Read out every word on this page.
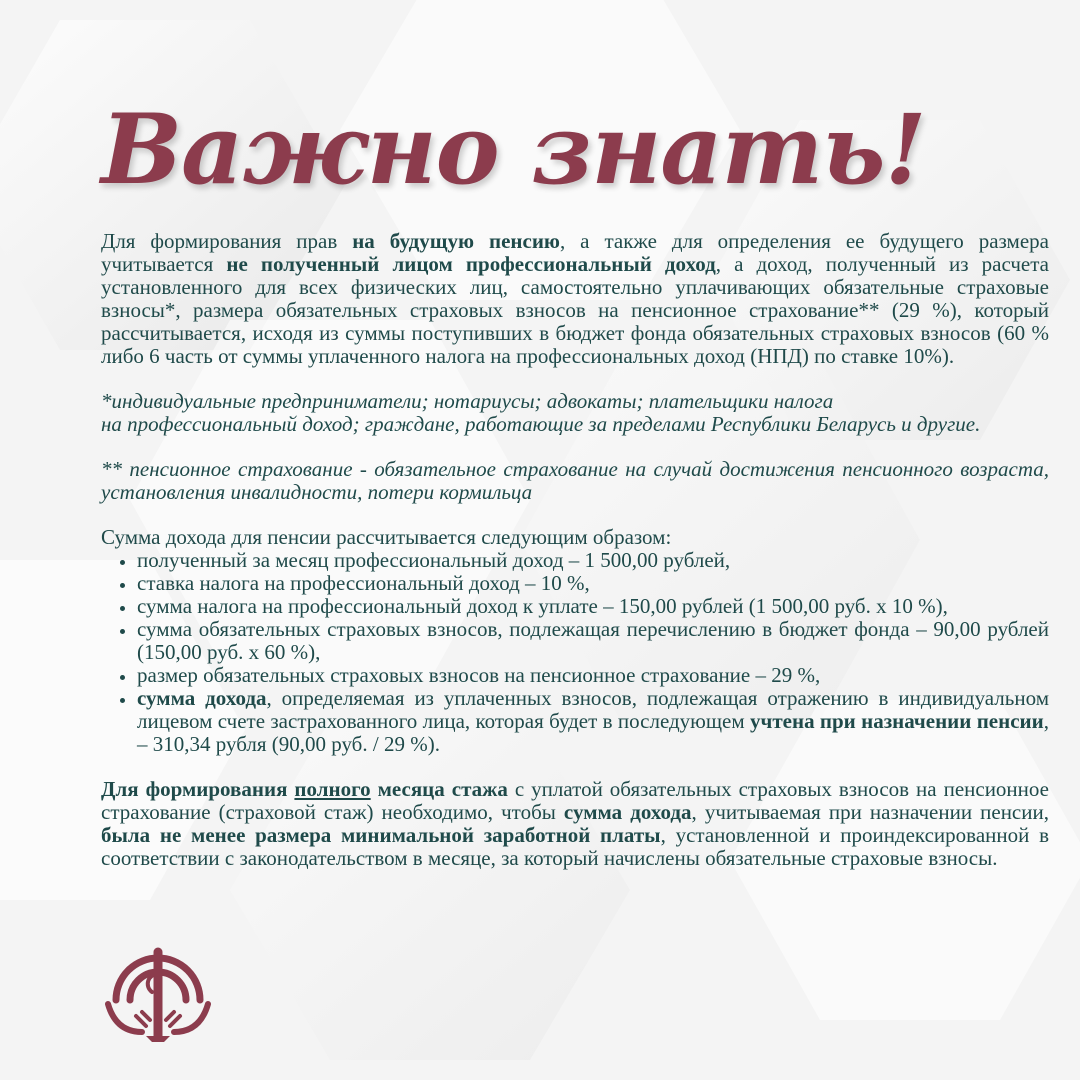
Важно знать!

Для формирования прав на будущую пенсию, а также для определения ее будущего размера учитывается не полученный лицом профессиональный доход, а доход, полученный из расчета установленного для всех физических лиц, самостоятельно уплачивающих обязательные страховые взносы*, размера обязательных страховых взносов на пенсионное страхование** (29 %), который рассчитывается, исходя из суммы поступивших в бюджет фонда обязательных страховых взносов (60 % либо 6 часть от суммы уплаченного налога на профессиональных доход (НПД) по ставке 10%).

*индивидуальные предприниматели; нотариусы; адвокаты; плательщики налога
на профессиональный доход; граждане, работающие за пределами Республики Беларусь и другие.

** пенсионное страхование - обязательное страхование на случай достижения пенсионного возраста, установления инвалидности, потери кормильца

Сумма дохода для пенсии рассчитывается следующим образом:

• полученный за месяц профессиональный доход – 1 500,00 рублей,
• ставка налога на профессиональный доход – 10 %,
• сумма налога на профессиональный доход к уплате – 150,00 рублей (1 500,00 руб. х 10 %),
• сумма обязательных страховых взносов, подлежащая перечислению в бюджет фонда – 90,00 рублей (150,00 руб. х 60 %),
• размер обязательных страховых взносов на пенсионное страхование – 29 %,
• сумма дохода, определяемая из уплаченных взносов, подлежащая отражению в индивидуальном лицевом счете застрахованного лица, которая будет в последующем учтена при назначении пенсии, – 310,34 рубля (90,00 руб. / 29 %).

Для формирования полного месяца стажа с уплатой обязательных страховых взносов на пенсионное страхование (страховой стаж) необходимо, чтобы сумма дохода, учитываемая при назначении пенсии, была не менее размера минимальной заработной платы, установленной и проиндексированной в соответствии с законодательством в месяце, за который начислены обязательные страховые взносы.
